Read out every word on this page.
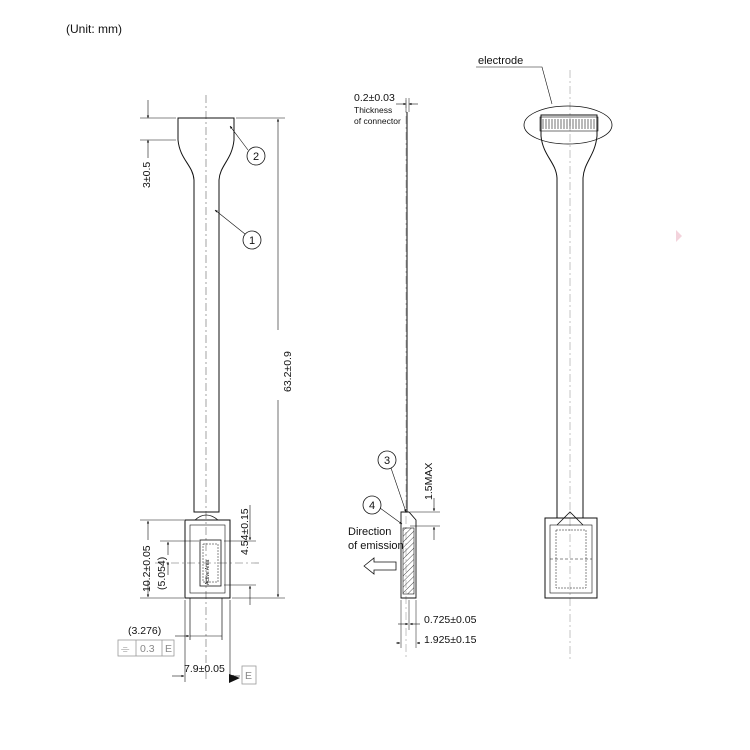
(Unit: mm)
Active Area
3±0.5
63.2±0.9
4.54±0.15
10.2±0.05 (5.054)
(3.276)
⌯ 0.3 E
7.9±0.05
E
1
2
0.2±0.03
Thickness
of connector
1.5MAX
3
4
Direction
of emission
0.725±0.05
1.925±0.15
electrode
